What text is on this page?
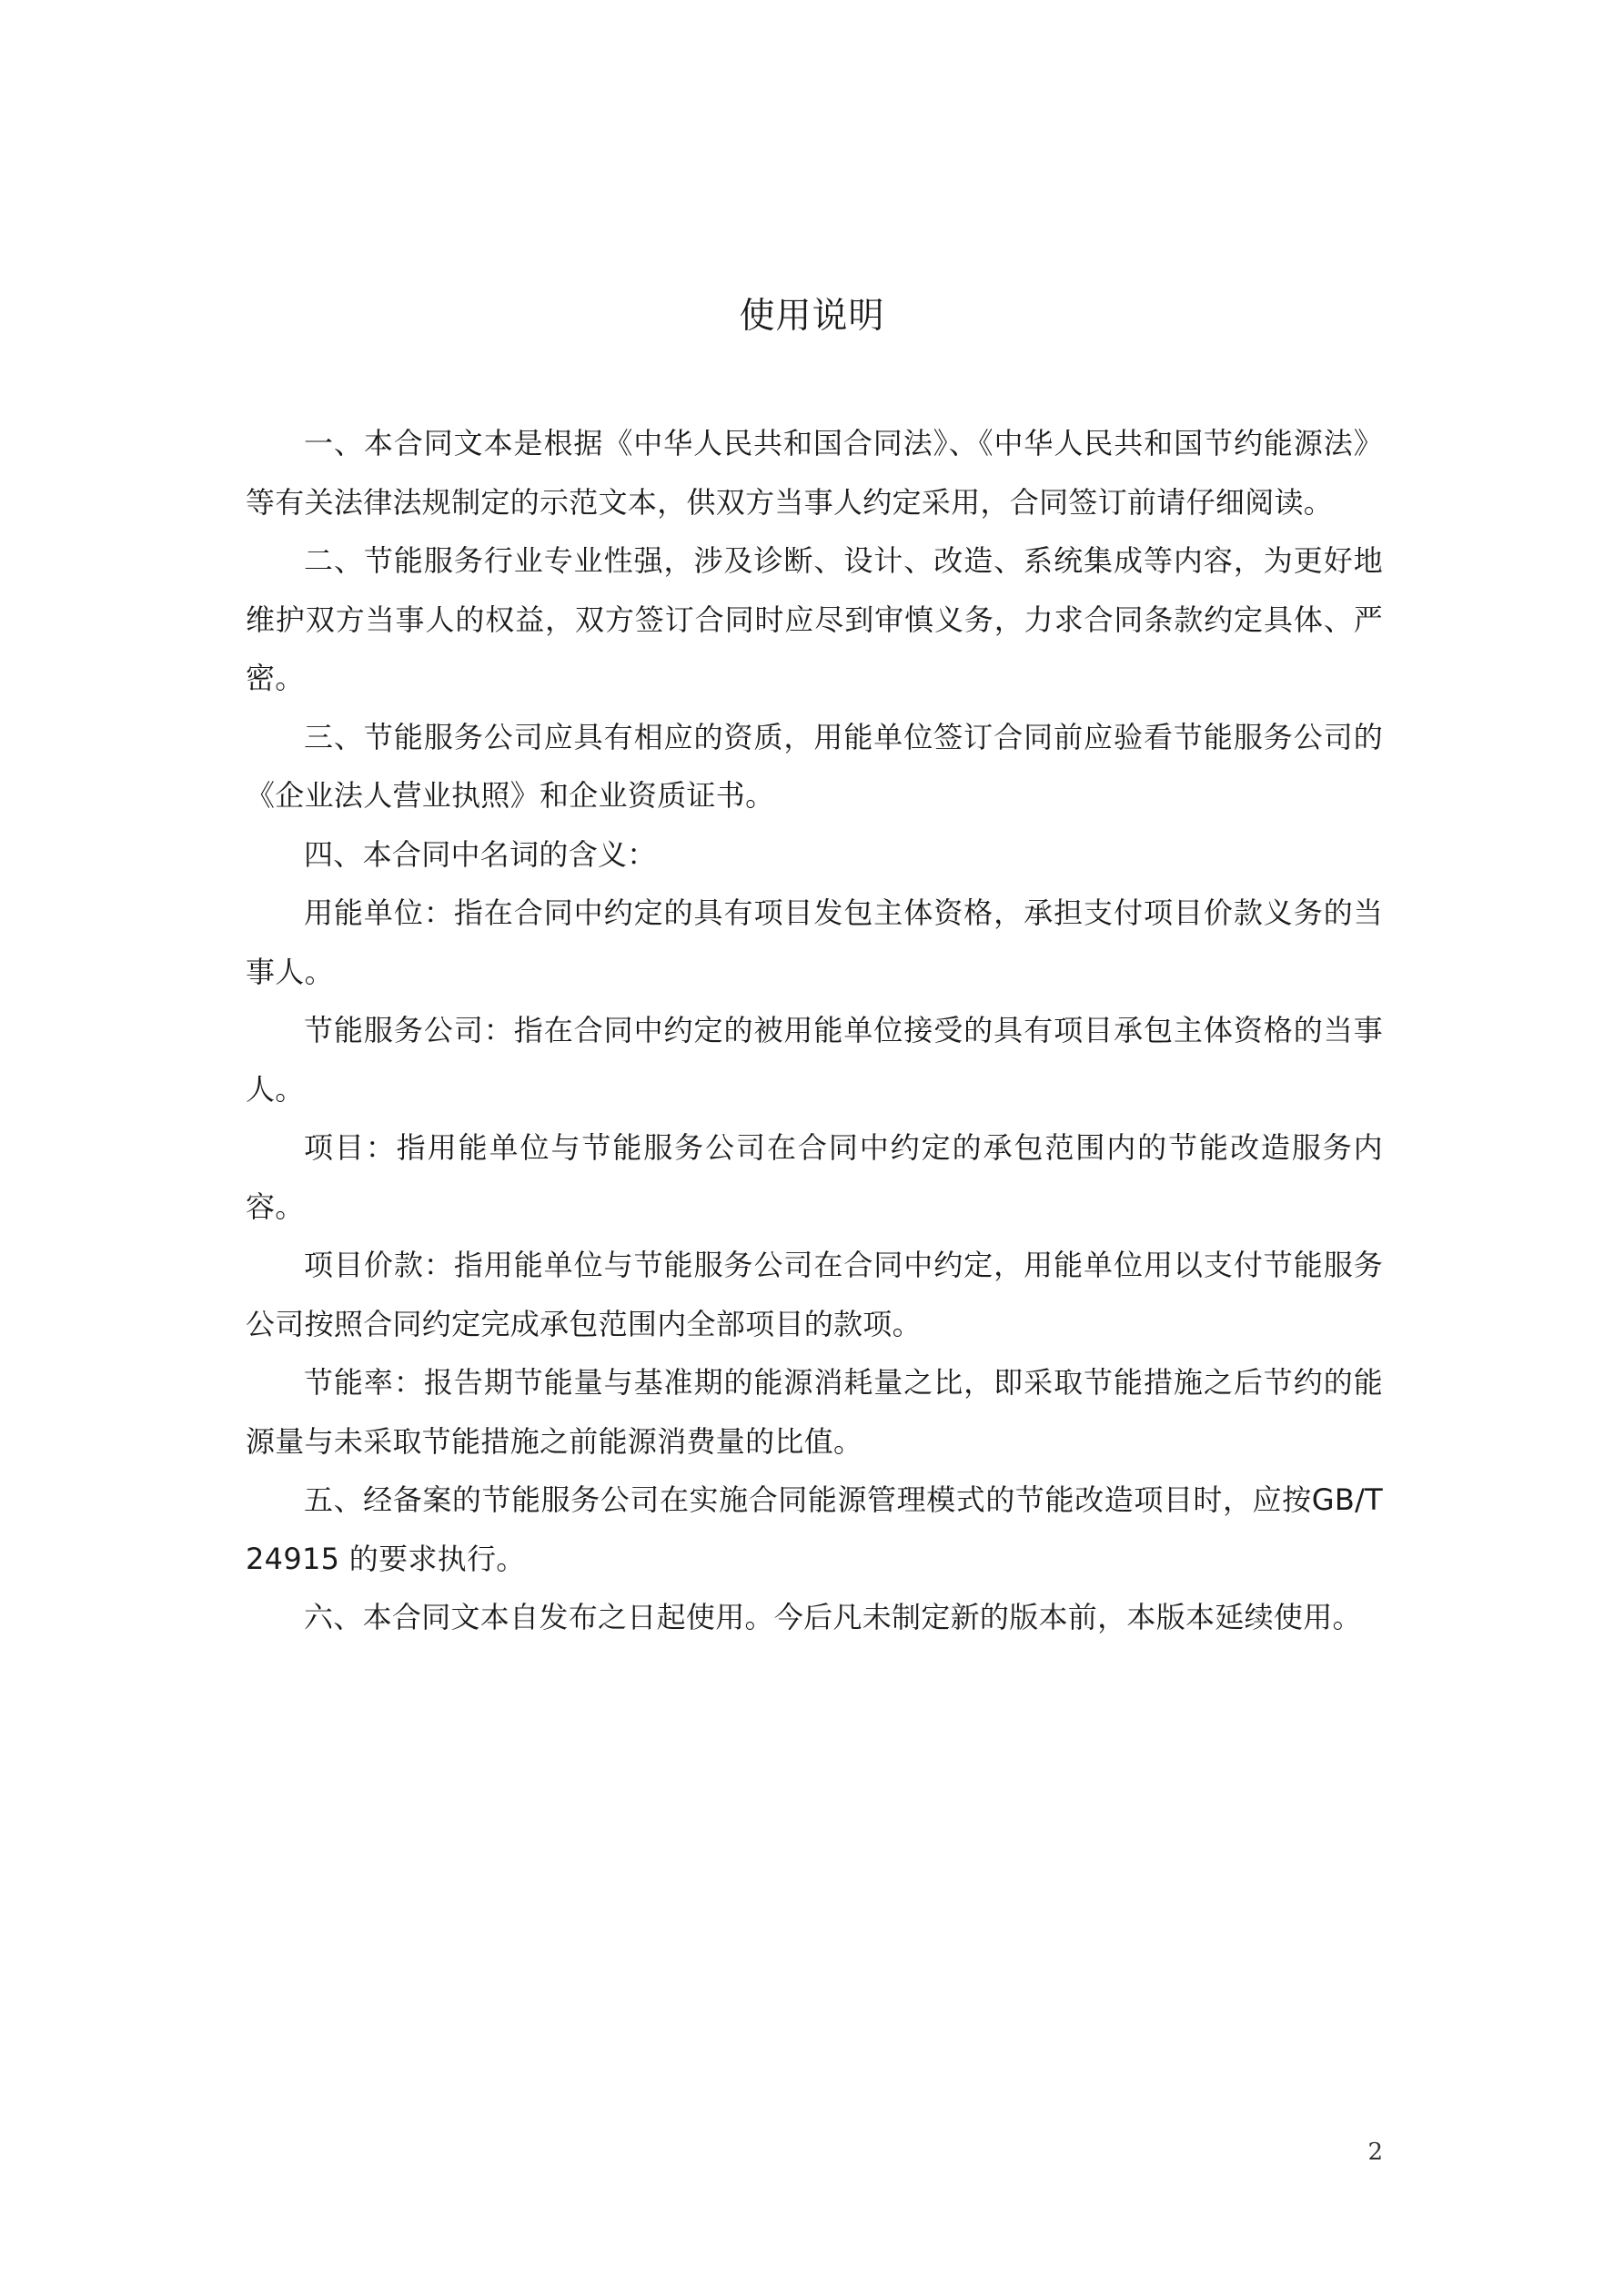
使用说明

一、本合同文本是根据《中华人民共和国合同法》、《中华人民共和国节约能源法》等有关法律法规制定的示范文本，供双方当事人约定采用，合同签订前请仔细阅读。

二、节能服务行业专业性强，涉及诊断、设计、改造、系统集成等内容，为更好地维护双方当事人的权益，双方签订合同时应尽到审慎义务，力求合同条款约定具体、严密。

三、节能服务公司应具有相应的资质，用能单位签订合同前应验看节能服务公司的《企业法人营业执照》和企业资质证书。

四、本合同中名词的含义：

用能单位：指在合同中约定的具有项目发包主体资格，承担支付项目价款义务的当事人。

节能服务公司：指在合同中约定的被用能单位接受的具有项目承包主体资格的当事人。

项目：指用能单位与节能服务公司在合同中约定的承包范围内的节能改造服务内容。

项目价款：指用能单位与节能服务公司在合同中约定，用能单位用以支付节能服务公司按照合同约定完成承包范围内全部项目的款项。

节能率：报告期节能量与基准期的能源消耗量之比，即采取节能措施之后节约的能源量与未采取节能措施之前能源消费量的比值。

五、经备案的节能服务公司在实施合同能源管理模式的节能改造项目时，应按GB/T24915 的要求执行。

六、本合同文本自发布之日起使用。今后凡未制定新的版本前，本版本延续使用。

2
